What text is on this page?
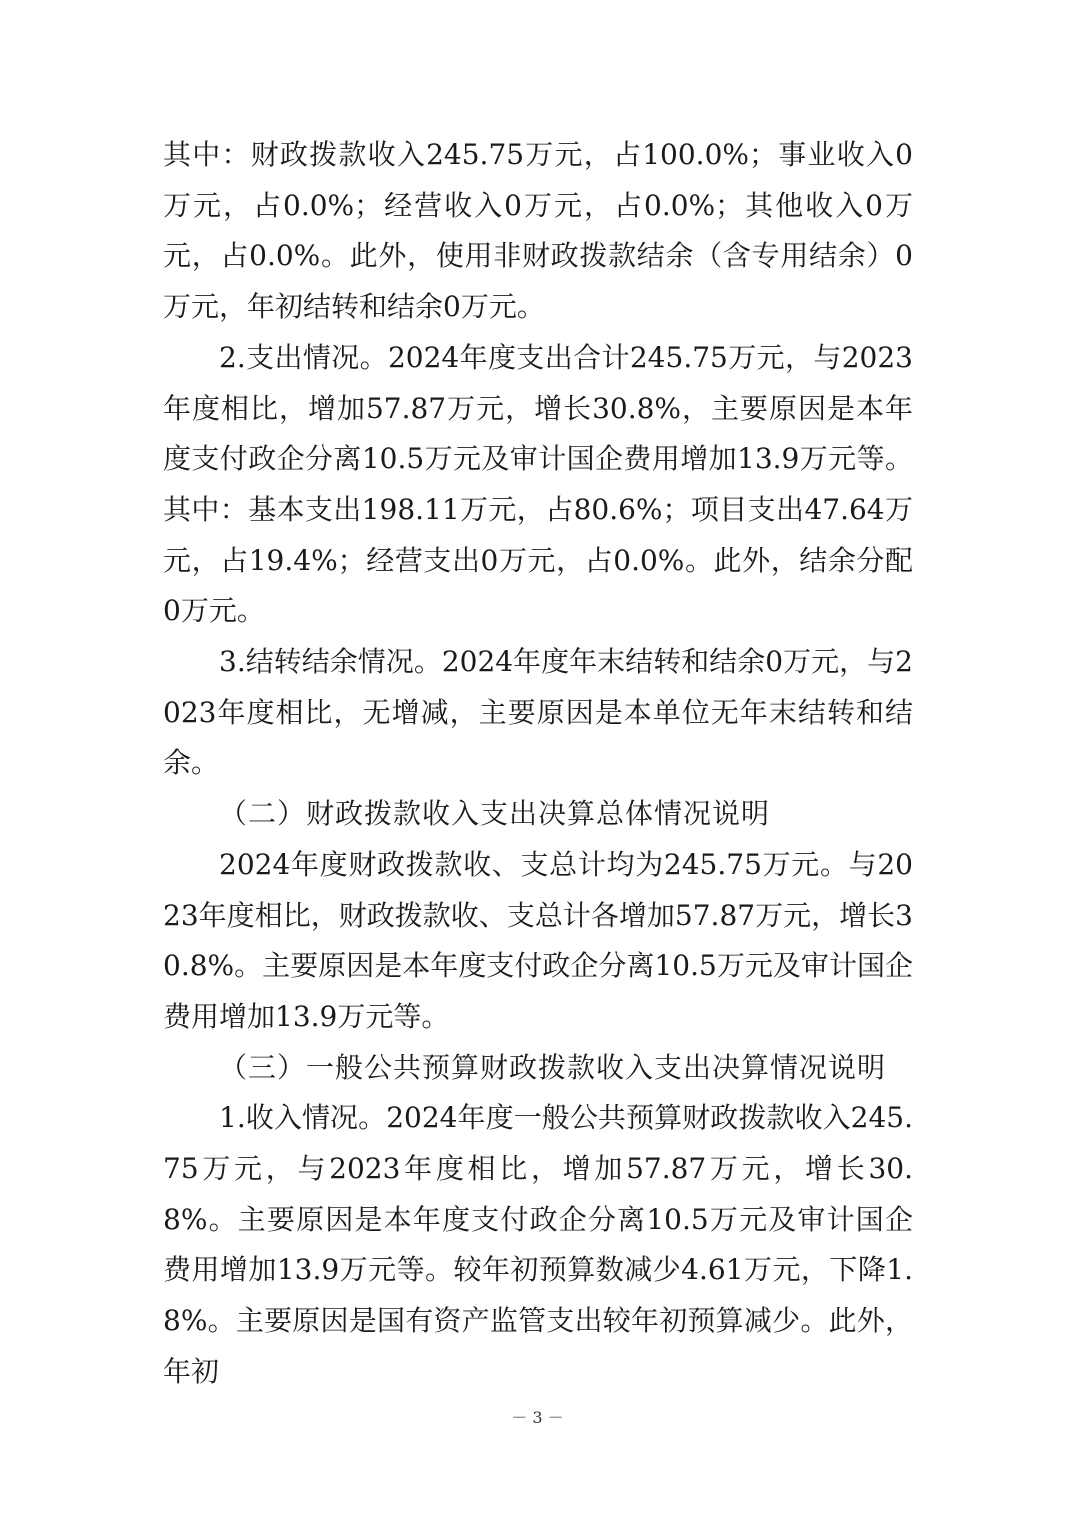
其中：财政拨款收入245.75万元，占100.0%；事业收入0万元，占0.0%；经营收入0万元，占0.0%；其他收入0万元，占0.0%。此外，使用非财政拨款结余（含专用结余）0万元，年初结转和结余0万元。

2.支出情况。2024年度支出合计245.75万元，与2023年度相比，增加57.87万元，增长30.8%，主要原因是本年度支付政企分离10.5万元及审计国企费用增加13.9万元等。其中：基本支出198.11万元，占80.6%；项目支出47.64万元，占19.4%；经营支出0万元，占0.0%。此外，结余分配0万元。

3.结转结余情况。2024年度年末结转和结余0万元，与2023年度相比，无增减，主要原因是本单位无年末结转和结余。

（二）财政拨款收入支出决算总体情况说明

2024年度财政拨款收、支总计均为245.75万元。与2023年度相比，财政拨款收、支总计各增加57.87万元，增长30.8%。主要原因是本年度支付政企分离10.5万元及审计国企费用增加13.9万元等。

（三）一般公共预算财政拨款收入支出决算情况说明

1.收入情况。2024年度一般公共预算财政拨款收入245.75万元，与2023年度相比，增加57.87万元，增长30.8%。主要原因是本年度支付政企分离10.5万元及审计国企费用增加13.9万元等。较年初预算数减少4.61万元，下降1.8%。主要原因是国有资产监管支出较年初预算减少。此外，年初

－ 3 －
